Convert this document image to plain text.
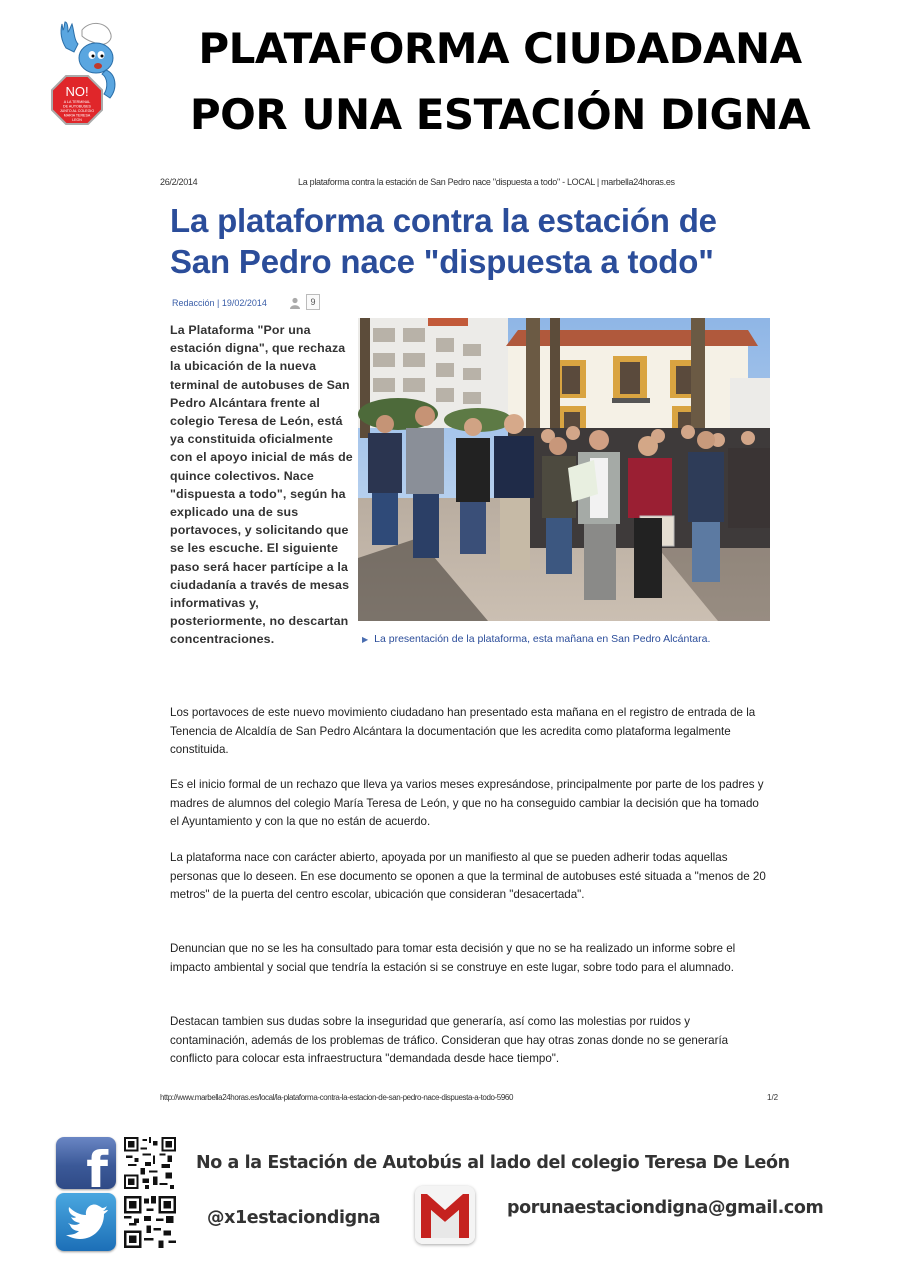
NO!
A LA TERMINAL
DE AUTOBUSES
JUNTO AL COLEGIO
MARIA TERESA
LEON
PLATAFORMA CIUDADANA
POR UNA ESTACIÓN DIGNA
26/2/2014	La plataforma contra la estación de San Pedro nace "dispuesta a todo" - LOCAL | marbella24horas.es
La plataforma contra la estación de
San Pedro nace "dispuesta a todo"
Redacción | 19/02/2014	9
La Plataforma "Por una estación digna", que rechaza la ubicación de la nueva terminal de autobuses de San Pedro Alcántara frente al colegio Teresa de León, está ya constituida oficialmente con el apoyo inicial de más de quince colectivos. Nace "dispuesta a todo", según ha explicado una de sus portavoces, y solicitando que se les escuche. El siguiente paso será hacer partícipe a la ciudadanía a través de mesas informativas y, posteriormente, no descartan concentraciones.	▶ La presentación de la plataforma, esta mañana en San Pedro Alcántara.
Los portavoces de este nuevo movimiento ciudadano han presentado esta mañana en el registro de entrada de la Tenencia de Alcaldía de San Pedro Alcántara la documentación que les acredita como plataforma legalmente constituida.
Es el inicio formal de un rechazo que lleva ya varios meses expresándose, principalmente por parte de los padres y madres de alumnos del colegio María Teresa de León, y que no ha conseguido cambiar la decisión que ha tomado el Ayuntamiento y con la que no están de acuerdo.
La plataforma nace con carácter abierto, apoyada por un manifiesto al que se pueden adherir todas aquellas personas que lo deseen. En ese documento se oponen a que la terminal de autobuses esté situada a "menos de 20 metros" de la puerta del centro escolar, ubicación que consideran "desacertada".
Denuncian que no se les ha consultado para tomar esta decisión y que no se ha realizado un informe sobre el impacto ambiental y social que tendría la estación si se construye en este lugar, sobre todo para el alumnado.
Destacan tambien sus dudas sobre la inseguridad que generaría, así como las molestias por ruidos y contaminación, además de los problemas de tráfico. Consideran que hay otras zonas donde no se generaría conflicto para colocar esta infraestructura "demandada desde hace tiempo".
http://www.marbella24horas.es/local/la-plataforma-contra-la-estacion-de-san-pedro-nace-dispuesta-a-todo-5960	1/2
f	No a la Estación de Autobús al lado del colegio Teresa De León
@x1estaciondigna	porunaestaciondigna@gmail.com
